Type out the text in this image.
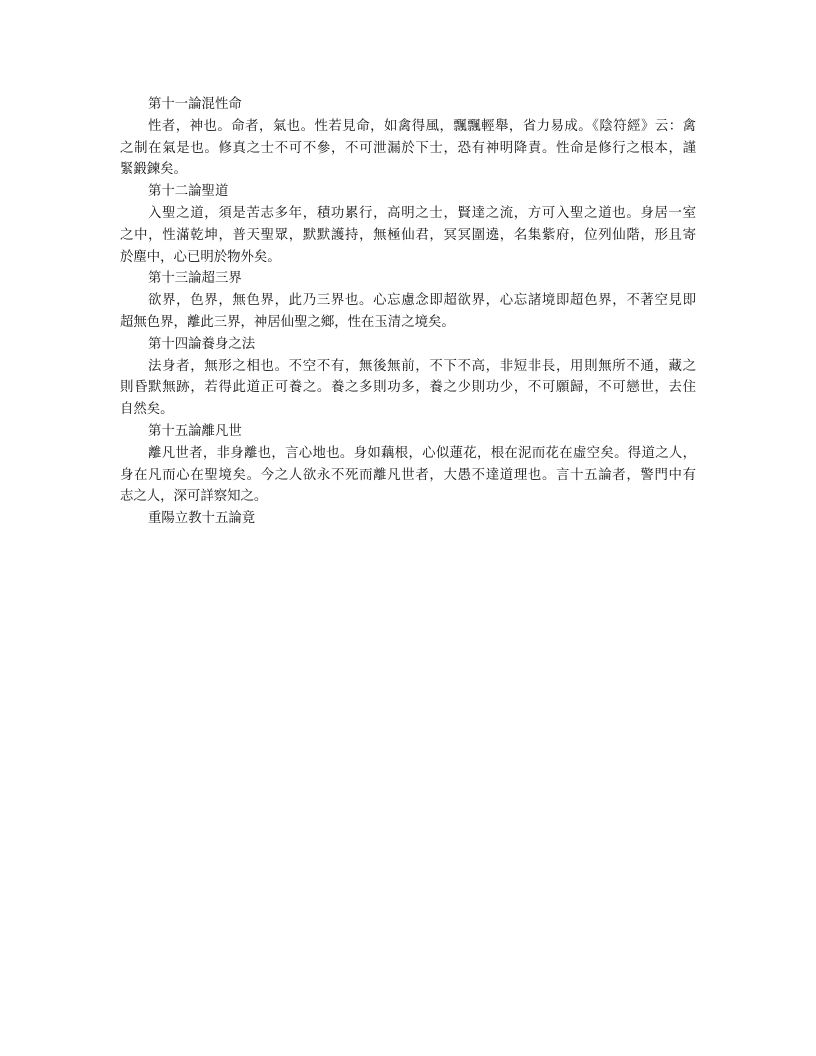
第十一論混性命

性者，神也。命者，氣也。性若見命，如禽得風，飄飄輕舉，省力易成。《陰符經》云：禽

之制在氣是也。修真之士不可不參，不可泄漏於下士，恐有神明降責。性命是修行之根本，謹

緊鍛鍊矣。

第十二論聖道

入聖之道，須是苦志多年，積功累行，高明之士，賢達之流，方可入聖之道也。身居一室

之中，性滿乾坤，普天聖眾，默默護持，無極仙君，冥冥圍遶，名集紫府，位列仙階，形且寄

於塵中，心已明於物外矣。

第十三論超三界

欲界，色界，無色界，此乃三界也。心忘慮念即超欲界，心忘諸境即超色界，不著空見即

超無色界，離此三界，神居仙聖之鄉，性在玉清之境矣。

第十四論養身之法

法身者，無形之相也。不空不有，無後無前，不下不高，非短非長，用則無所不通，藏之

則昏默無跡，若得此道正可養之。養之多則功多，養之少則功少，不可願歸，不可戀世，去住

自然矣。

第十五論離凡世

離凡世者，非身離也，言心地也。身如藕根，心似蓮花，根在泥而花在虛空矣。得道之人，

身在凡而心在聖境矣。今之人欲永不死而離凡世者，大愚不達道理也。言十五論者，警門中有

志之人，深可詳察知之。

重陽立教十五論竟
